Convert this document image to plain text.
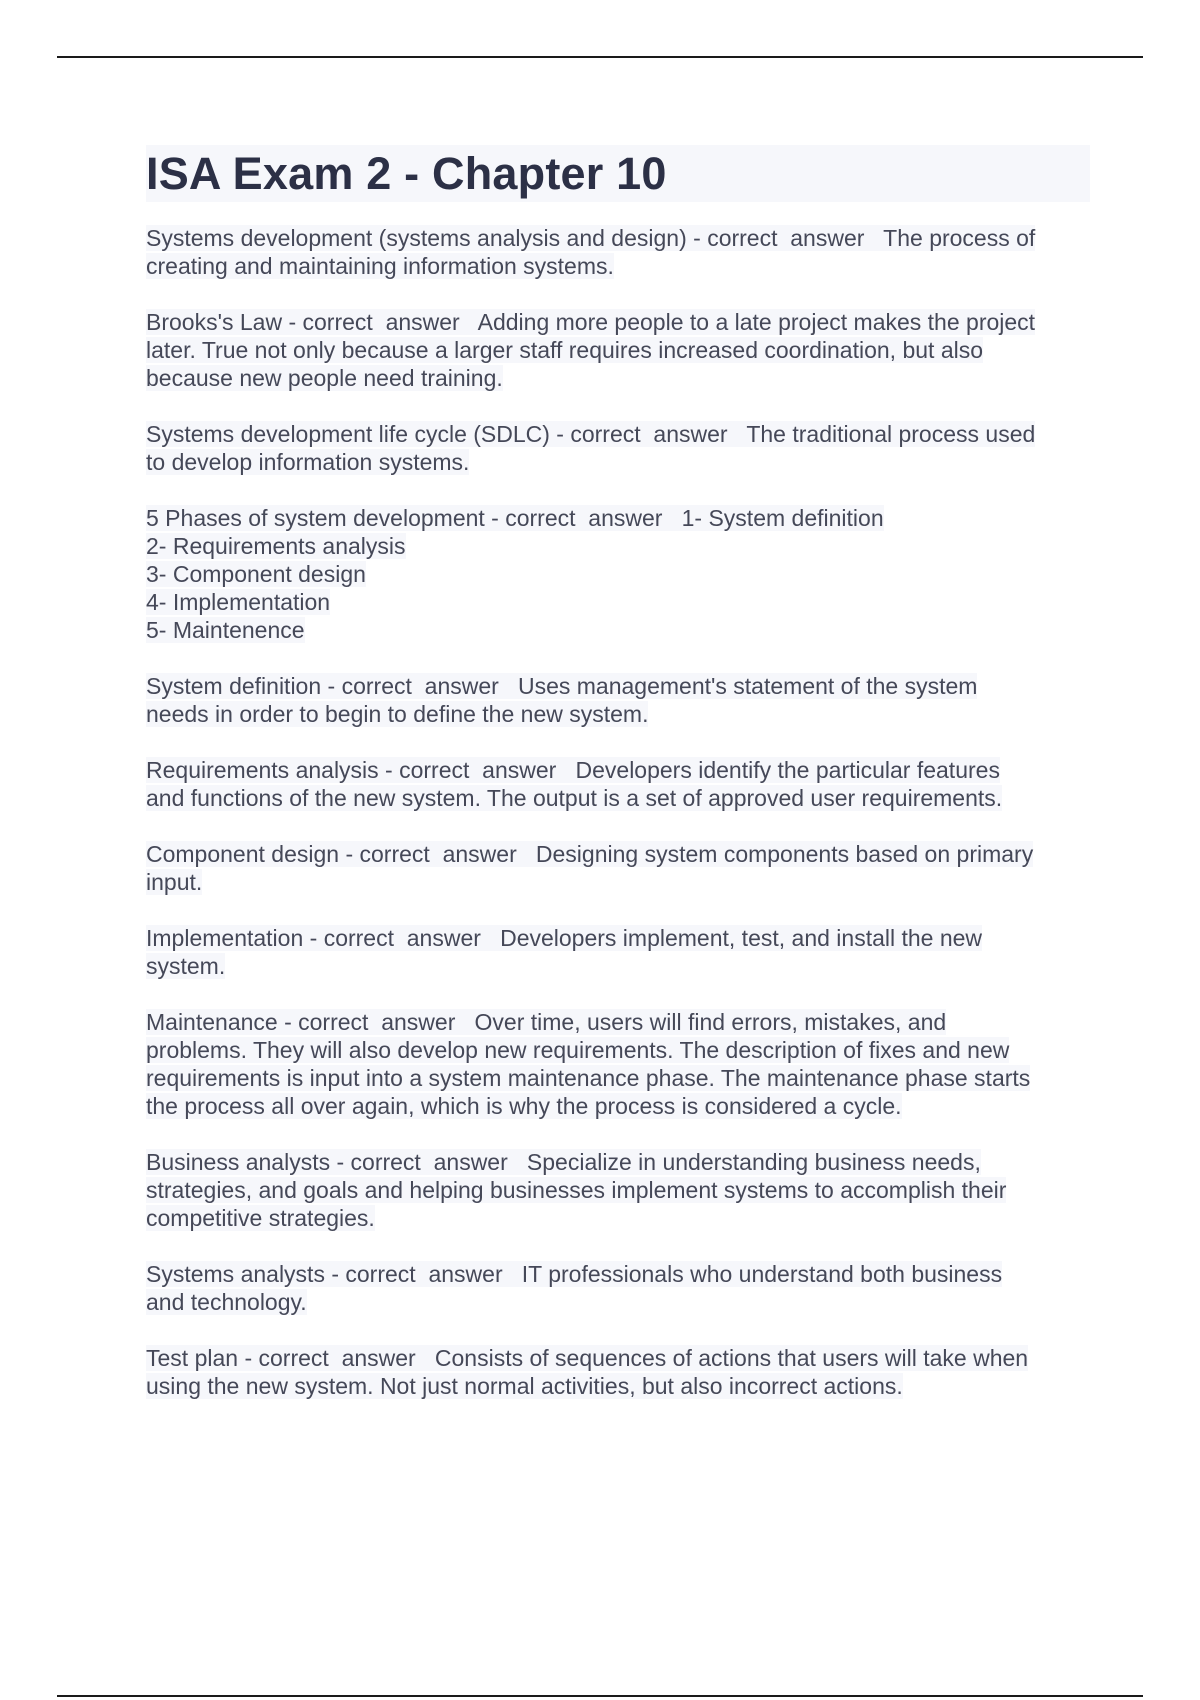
ISA Exam 2 - Chapter 10

Systems development (systems analysis and design) - correct  answer   The process of
creating and maintaining information systems.

Brooks's Law - correct  answer   Adding more people to a late project makes the project
later. True not only because a larger staff requires increased coordination, but also
because new people need training.

Systems development life cycle (SDLC) - correct  answer   The traditional process used
to develop information systems.

5 Phases of system development - correct  answer   1- System definition
2- Requirements analysis
3- Component design
4- Implementation
5- Maintenence

System definition - correct  answer   Uses management's statement of the system
needs in order to begin to define the new system.

Requirements analysis - correct  answer   Developers identify the particular features
and functions of the new system. The output is a set of approved user requirements.

Component design - correct  answer   Designing system components based on primary
input.

Implementation - correct  answer   Developers implement, test, and install the new
system.

Maintenance - correct  answer   Over time, users will find errors, mistakes, and
problems. They will also develop new requirements. The description of fixes and new
requirements is input into a system maintenance phase. The maintenance phase starts
the process all over again, which is why the process is considered a cycle.

Business analysts - correct  answer   Specialize in understanding business needs,
strategies, and goals and helping businesses implement systems to accomplish their
competitive strategies.

Systems analysts - correct  answer   IT professionals who understand both business
and technology.

Test plan - correct  answer   Consists of sequences of actions that users will take when
using the new system. Not just normal activities, but also incorrect actions.
